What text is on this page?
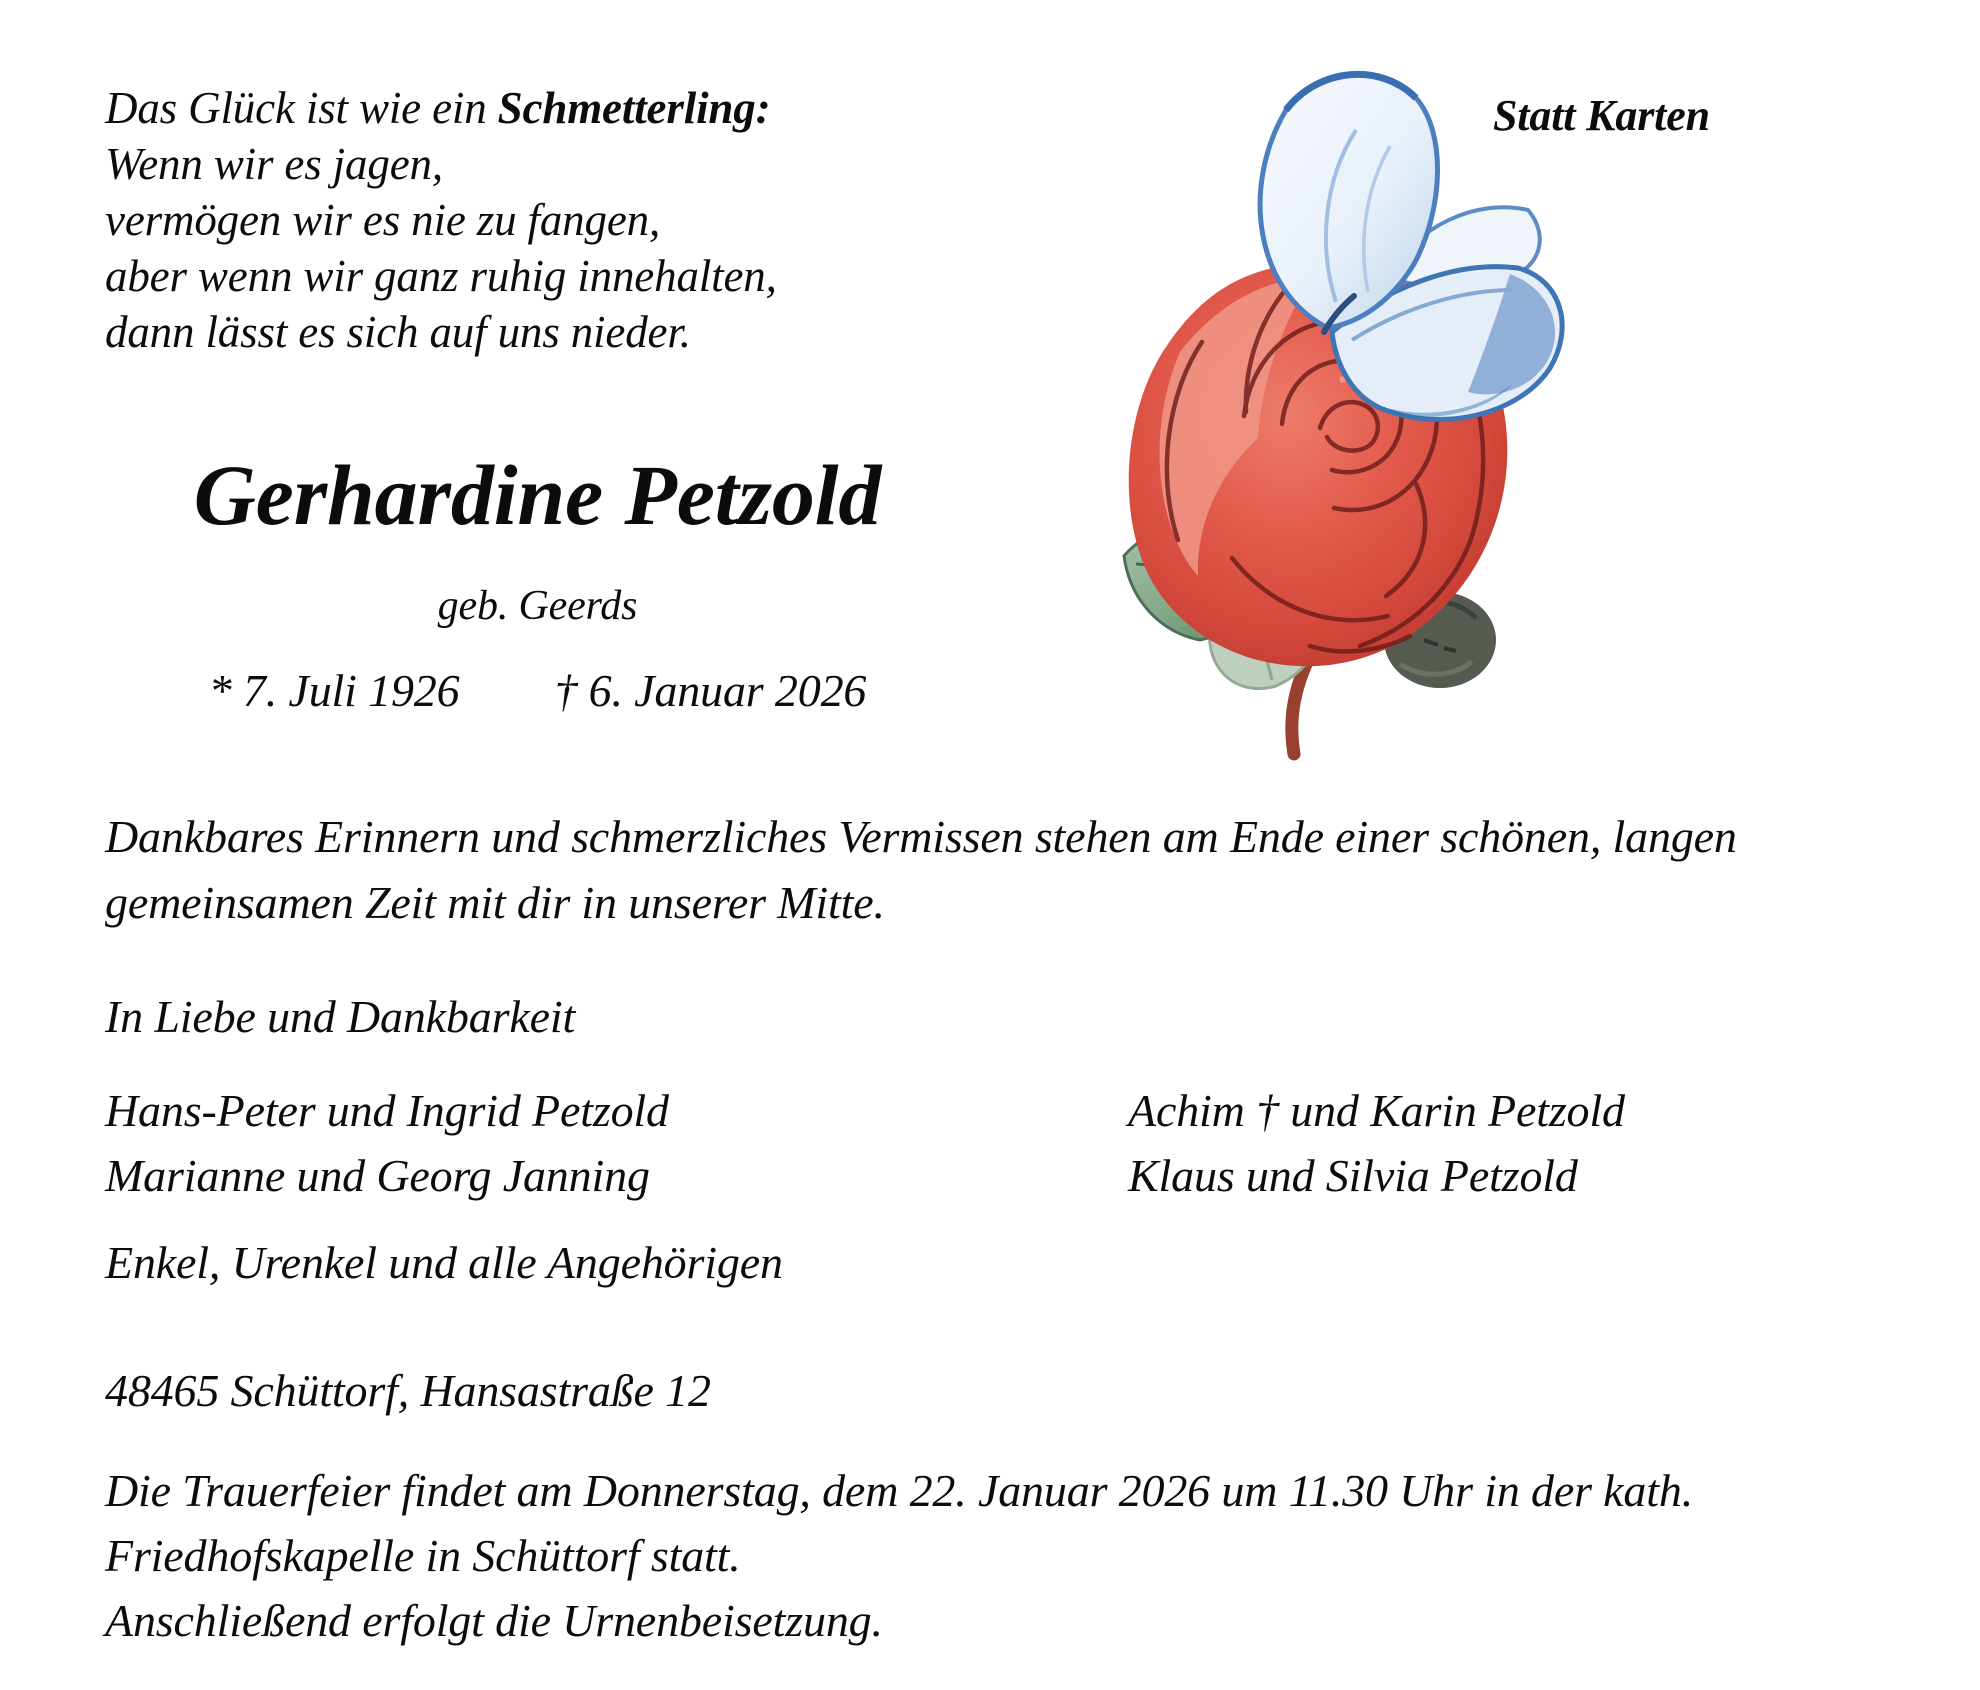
Das Glück ist wie ein Schmetterling:
Wenn wir es jagen,
vermögen wir es nie zu fangen,
aber wenn wir ganz ruhig innehalten,
dann lässt es sich auf uns nieder.
Statt Karten
Gerhardine Petzold
geb. Geerds
* 7. Juli 1926 † 6. Januar 2026
Dankbares Erinnern und schmerzliches Vermissen stehen am Ende einer schönen, langen
gemeinsamen Zeit mit dir in unserer Mitte.
In Liebe und Dankbarkeit
Hans-Peter und Ingrid Petzold
Marianne und Georg Janning
Achim † und Karin Petzold
Klaus und Silvia Petzold
Enkel, Urenkel und alle Angehörigen
48465 Schüttorf, Hansastraße 12
Die Trauerfeier findet am Donnerstag, dem 22. Januar 2026 um 11.30 Uhr in der kath.
Friedhofskapelle in Schüttorf statt.
Anschließend erfolgt die Urnenbeisetzung.
